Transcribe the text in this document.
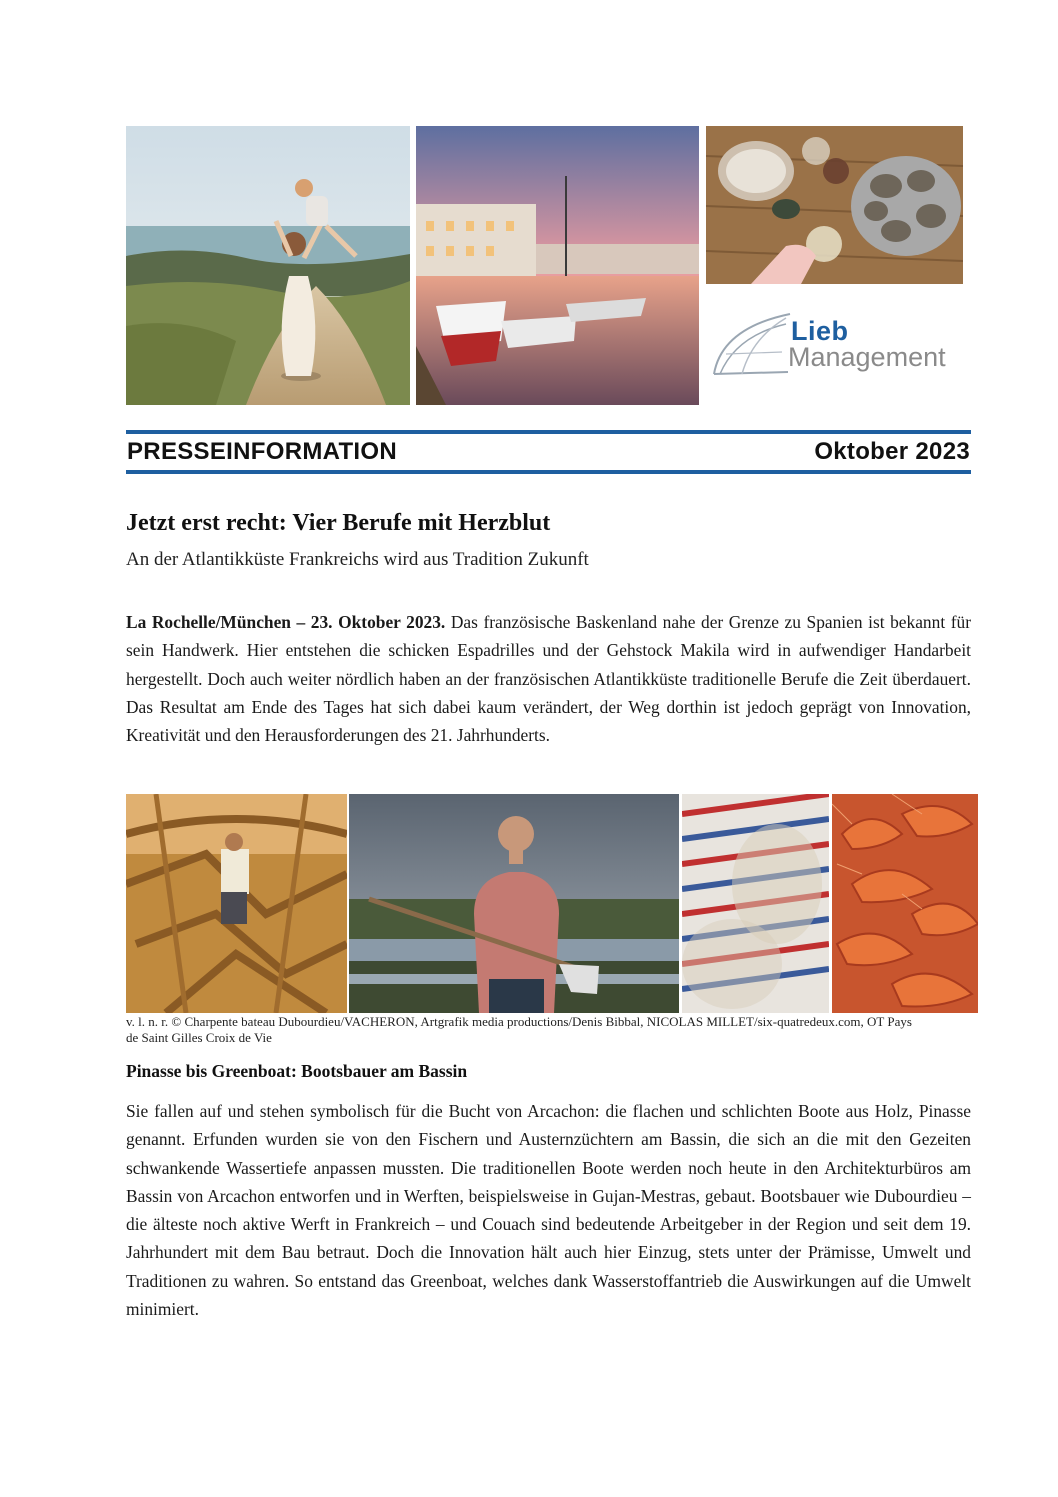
Lieb
Management
PRESSEINFORMATION	Oktober 2023
Jetzt erst recht: Vier Berufe mit Herzblut
An der Atlantikküste Frankreichs wird aus Tradition Zukunft
La Rochelle/München – 23. Oktober 2023. Das französische Baskenland nahe der Grenze zu Spanien ist bekannt für sein Handwerk. Hier entstehen die schicken Espadrilles und der Gehstock Makila wird in aufwendiger Handarbeit hergestellt. Doch auch weiter nördlich haben an der französischen Atlantikküste traditionelle Berufe die Zeit überdauert. Das Resultat am Ende des Tages hat sich dabei kaum verändert, der Weg dorthin ist jedoch geprägt von Innovation, Kreativität und den Herausforderungen des 21. Jahrhunderts.
v. l. n. r. © Charpente bateau Dubourdieu/VACHERON, Artgrafik media productions/Denis Bibbal, NICOLAS MILLET/six-quatredeux.com, OT Pays de Saint Gilles Croix de Vie
Pinasse bis Greenboat: Bootsbauer am Bassin
Sie fallen auf und stehen symbolisch für die Bucht von Arcachon: die flachen und schlichten Boote aus Holz, Pinasse genannt. Erfunden wurden sie von den Fischern und Austernzüchtern am Bassin, die sich an die mit den Gezeiten schwankende Wassertiefe anpassen mussten. Die traditionellen Boote werden noch heute in den Architekturbüros am Bassin von Arcachon entworfen und in Werften, beispielsweise in Gujan-Mestras, gebaut. Bootsbauer wie Dubourdieu – die älteste noch aktive Werft in Frankreich – und Couach sind bedeutende Arbeitgeber in der Region und seit dem 19. Jahrhundert mit dem Bau betraut. Doch die Innovation hält auch hier Einzug, stets unter der Prämisse, Umwelt und Traditionen zu wahren. So entstand das Greenboat, welches dank Wasserstoffantrieb die Auswirkungen auf die Umwelt minimiert.
